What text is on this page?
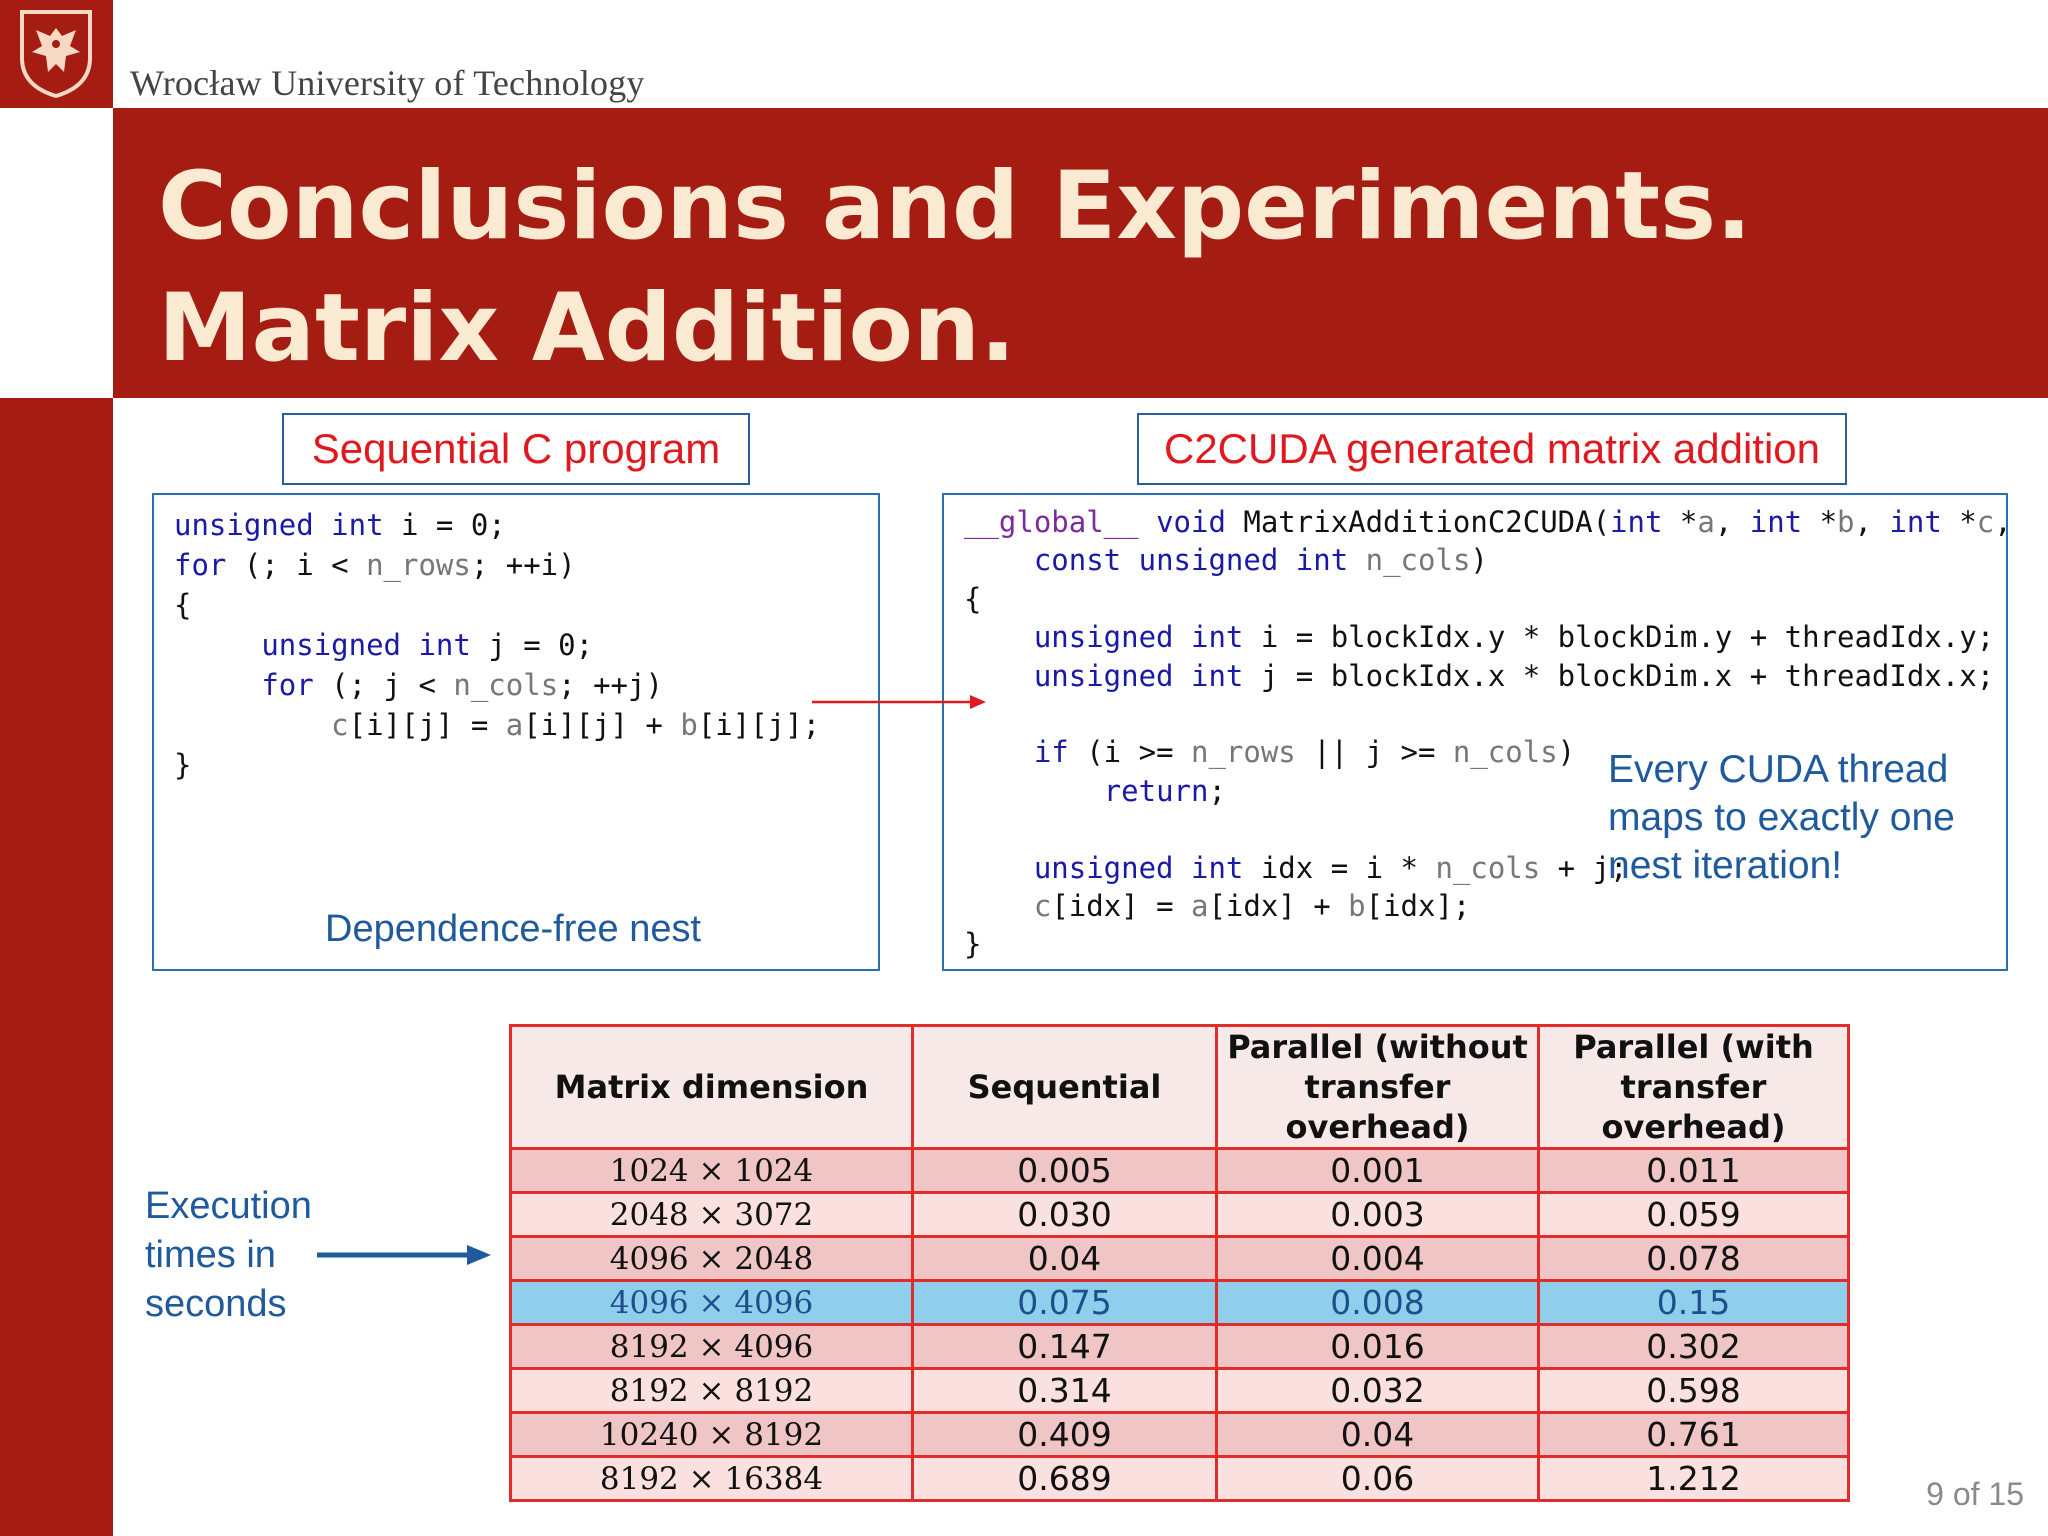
Wrocław University of Technology
Conclusions and Experiments. Matrix Addition.
Sequential C program	C2CUDA generated matrix addition
unsigned int i = 0;
for (; i < n_rows; ++i)
{
unsigned int j = 0;
for (; j < n_cols; ++j)
c[i][j] = a[i][j] + b[i][j];
}
Dependence-free nest
__global__ void MatrixAdditionC2CUDA(int *a, int *b, int *c,
const unsigned int n_cols)
{
unsigned int i = blockIdx.y * blockDim.y + threadIdx.y;
unsigned int j = blockIdx.x * blockDim.x + threadIdx.x;

if (i >= n_rows || j >= n_cols)
return;

unsigned int idx = i * n_cols + j;
c[idx] = a[idx] + b[idx];
}
Every CUDA thread
maps to exactly one
nest iteration!
Execution
times in
seconds
Matrix dimension	Sequential	Parallel (without transfer overhead)	Parallel (with transfer overhead)
1024 × 1024	0.005	0.001	0.011
2048 × 3072	0.030	0.003	0.059
4096 × 2048	0.04	0.004	0.078
4096 × 4096	0.075	0.008	0.15
8192 × 4096	0.147	0.016	0.302
8192 × 8192	0.314	0.032	0.598
10240 × 8192	0.409	0.04	0.761
8192 × 16384	0.689	0.06	1.212	9 of 15
